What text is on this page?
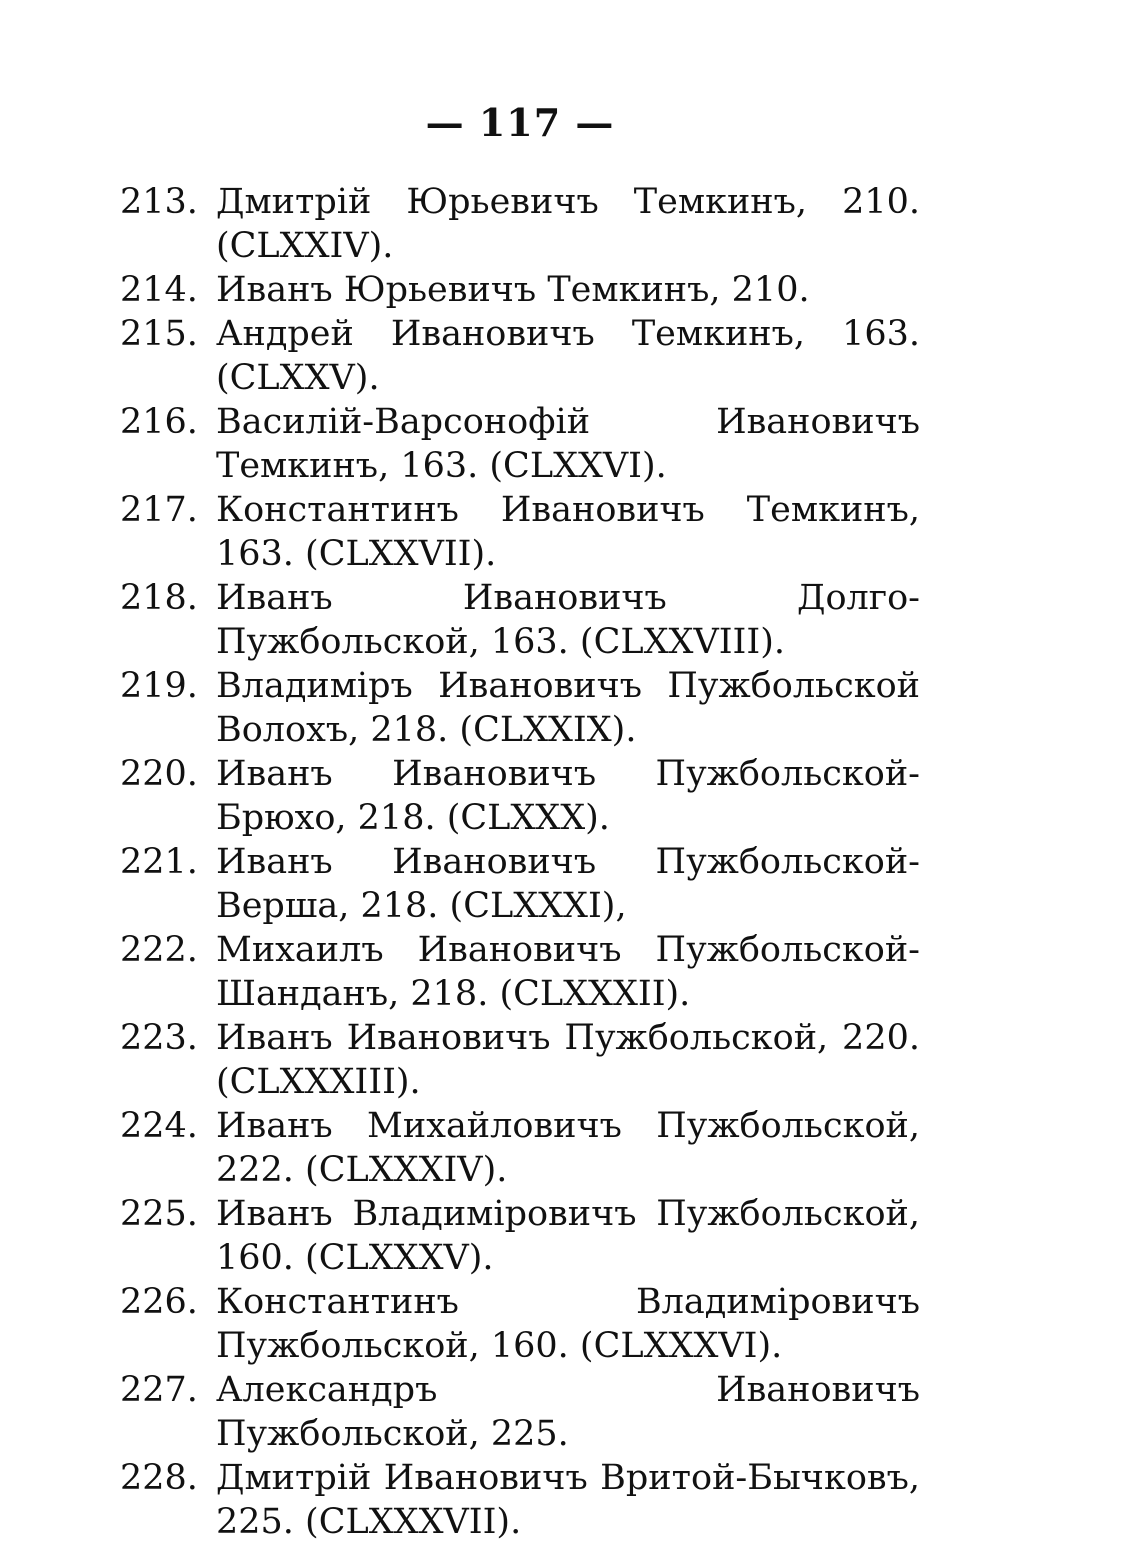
— 117 —
213. Дмитрій Юрьевичъ Темкинъ, 210. (CLXXIV).
214. Иванъ Юрьевичъ Темкинъ, 210.
215. Андрей Ивановичъ Темкинъ, 163. (CLXXV).
216. Василій-Варсонофій Ивановичъ Темкинъ, 163. (CLXXVI).
217. Константинъ Ивановичъ Темкинъ, 163. (CLXXVII).
218. Иванъ Ивановичъ Долго-Пужбольской, 163. (CLXXVIII).
219. Владиміръ Ивановичъ Пужбольской Волохъ, 218. (CLXXIX).
220. Иванъ Ивановичъ Пужбольской-Брюхо, 218. (CLXXX).
221. Иванъ Ивановичъ Пужбольской-Верша, 218. (CLXXXI),
222. Михаилъ Ивановичъ Пужбольской-Шанданъ, 218. (CLXXXII).
223. Иванъ Ивановичъ Пужбольской, 220. (CLXXXIII).
224. Иванъ Михайловичъ Пужбольской, 222. (CLXXXIV).
225. Иванъ Владиміровичъ Пужбольской, 160. (CLXXXV).
226. Константинъ Владиміровичъ Пужбольской, 160. (CLXXXVI).
227. Александръ Ивановичъ Пужбольской, 225.
228. Дмитрій Ивановичъ Вритой-Бычковъ, 225. (CLXXXVII).
